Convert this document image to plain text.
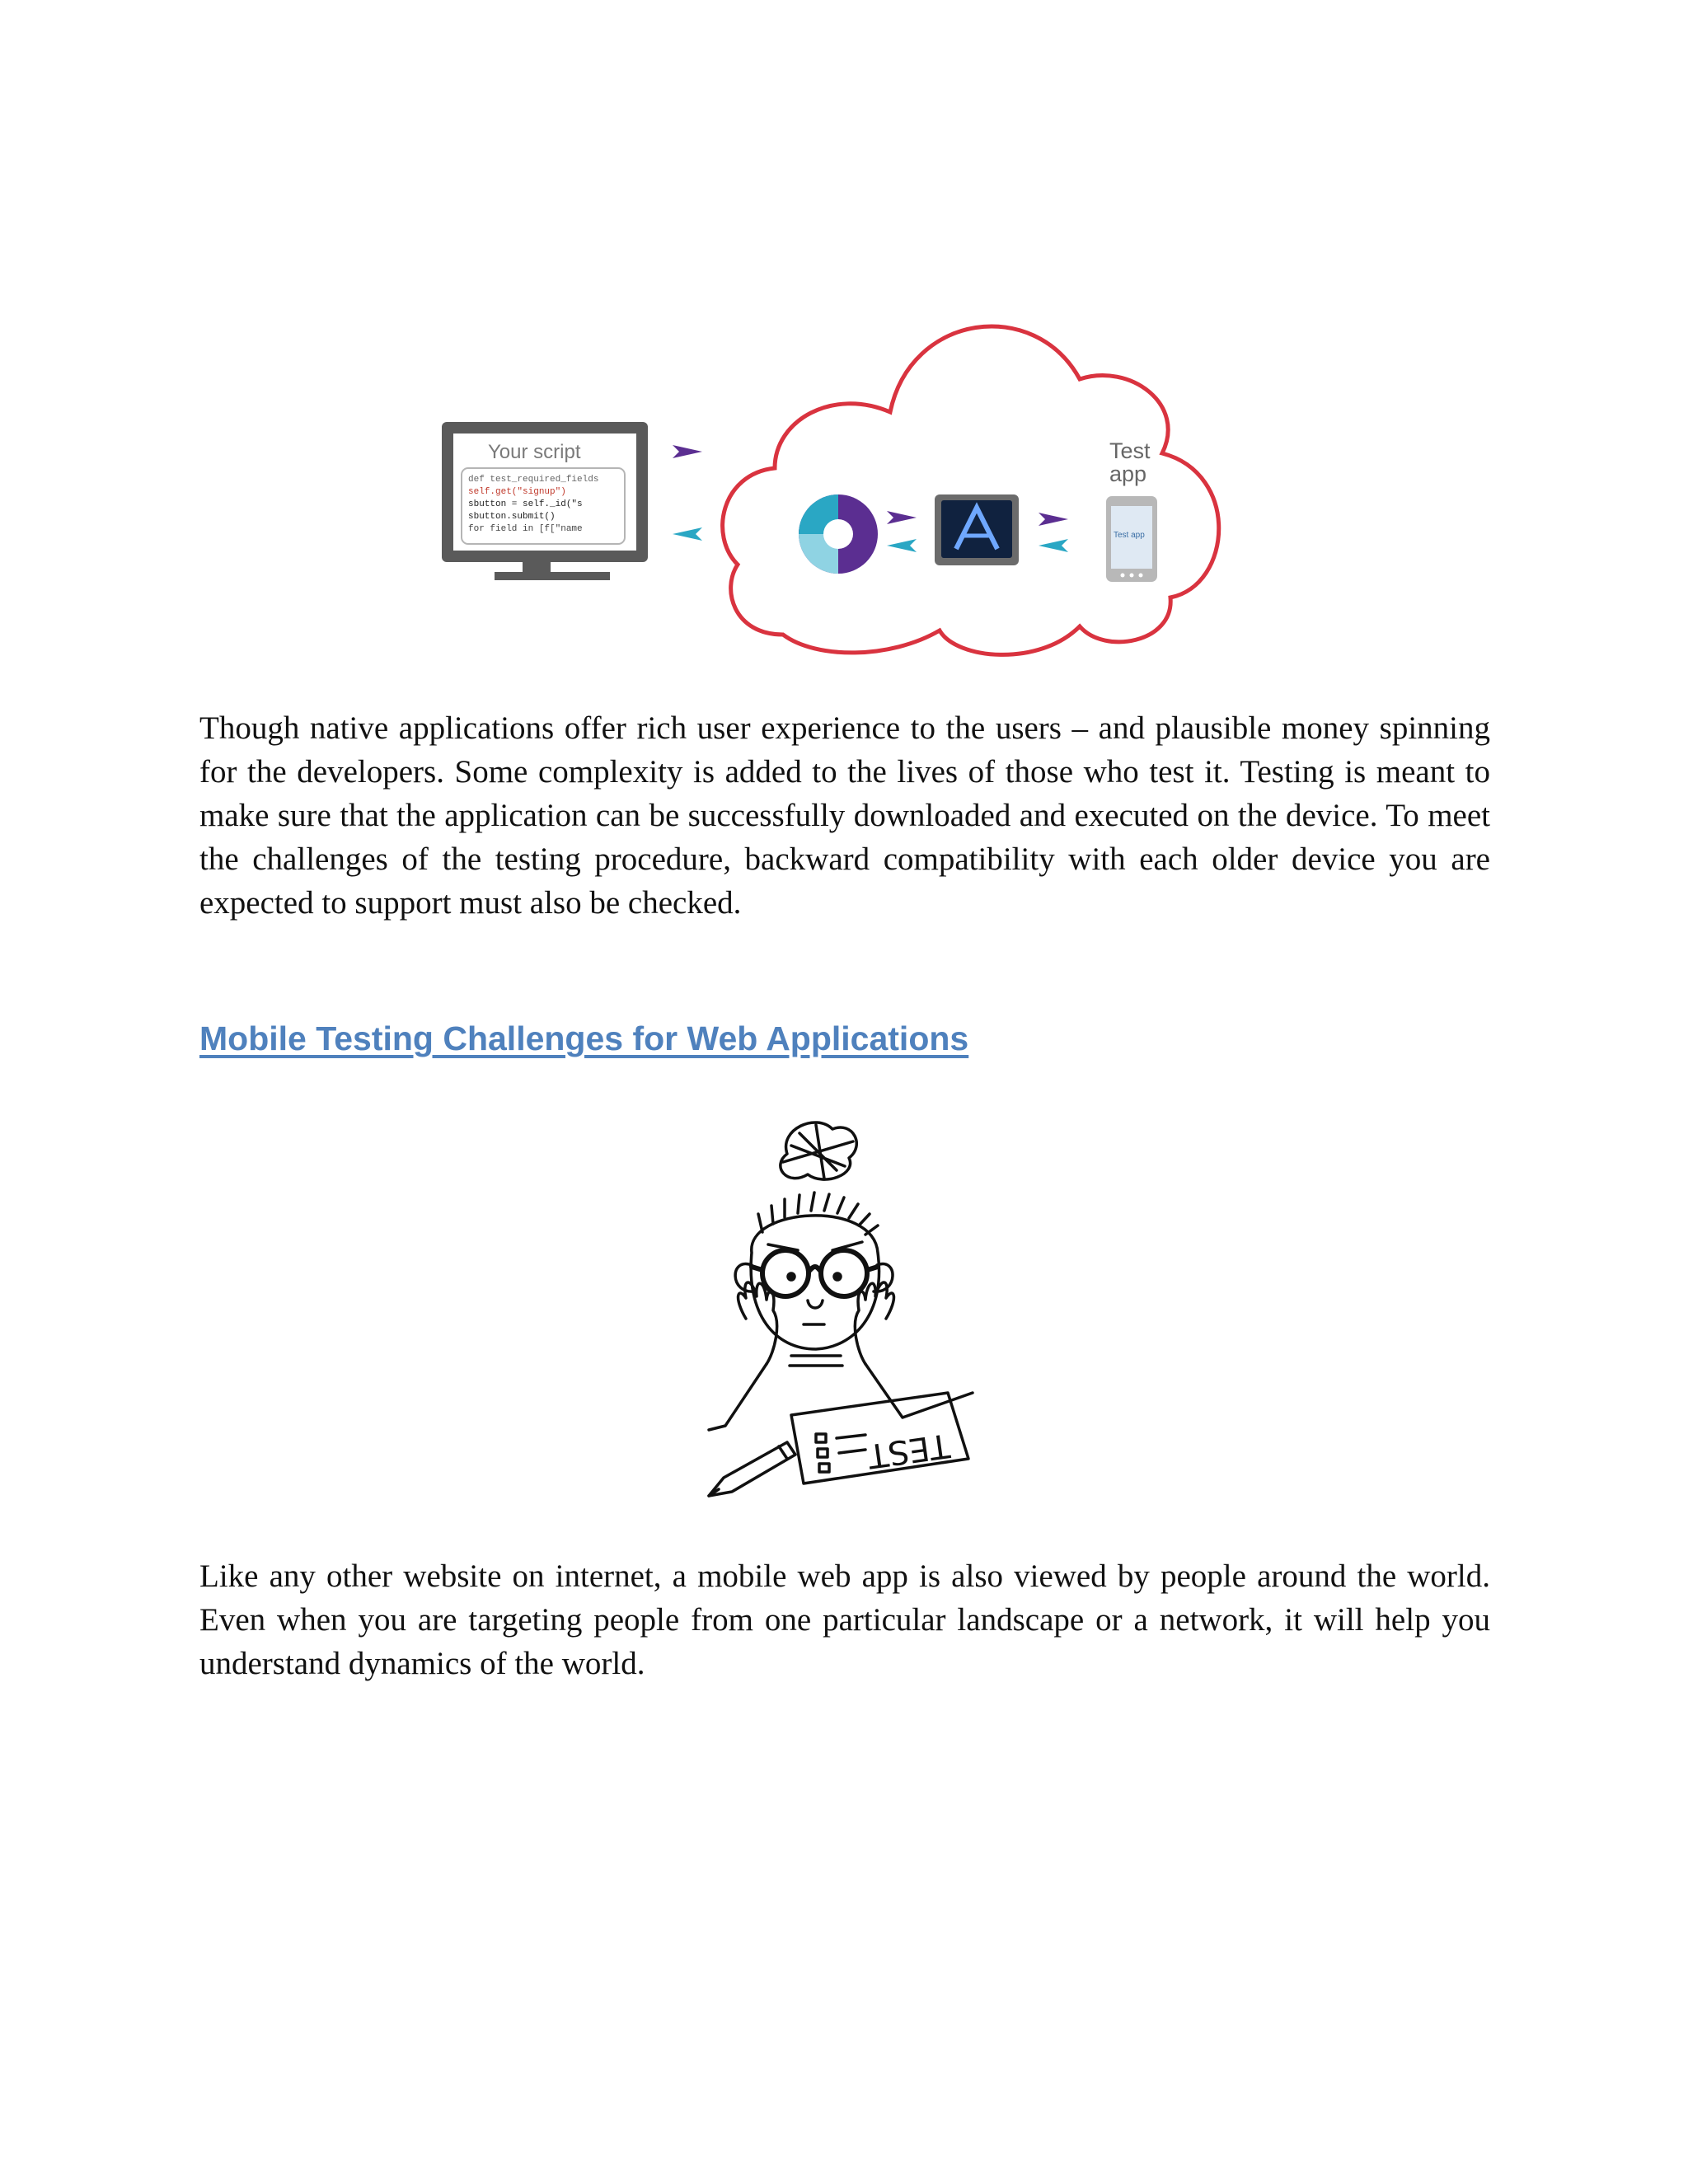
Your script
def test_required_fields
self.get("signup")
sbutton = self._id("s
sbutton.submit()
for field in [f["name
Test
app
Test app

Though native applications offer rich user experience to the users – and plausible money spinning for the developers. Some complexity is added to the lives of those who test it. Testing is meant to make sure that the application can be successfully downloaded and executed on the device. To meet the challenges of the testing procedure, backward compatibility with each older device you are expected to support must also be checked.

Mobile Testing Challenges for Web Applications
TEST

Like any other website on internet, a mobile web app is also viewed by people around the world. Even when you are targeting people from one particular landscape or a network, it will help you understand dynamics of the world.
